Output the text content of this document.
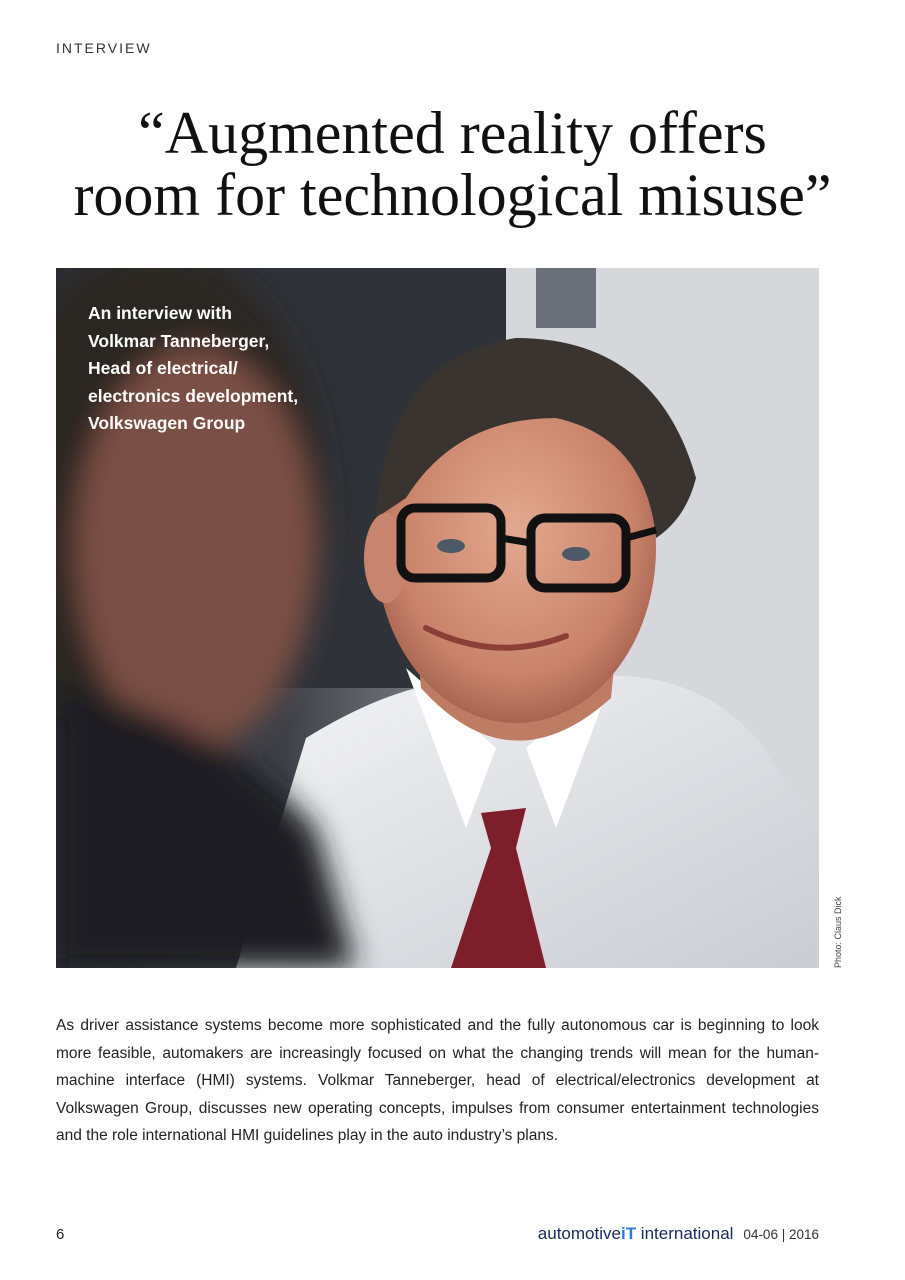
INTERVIEW
“Augmented reality offers
room for technological misuse”
An interview with
Volkmar Tanneberger,
Head of electrical/
electronics development,
Volkswagen Group
Photo: Claus Dick

As driver assistance systems become more sophisticated and the fully autonomous car is beginning to look more feasible, automakers are increasingly focused on what the changing trends will mean for the human-machine interface (HMI) systems. Volkmar Tanneberger, head of electrical/electronics development at Volkswagen Group, discusses new operating concepts, impulses from consumer entertainment technologies and the role international HMI guidelines play in the auto industry’s plans.

6	automotiveiT international 04-06 | 2016
